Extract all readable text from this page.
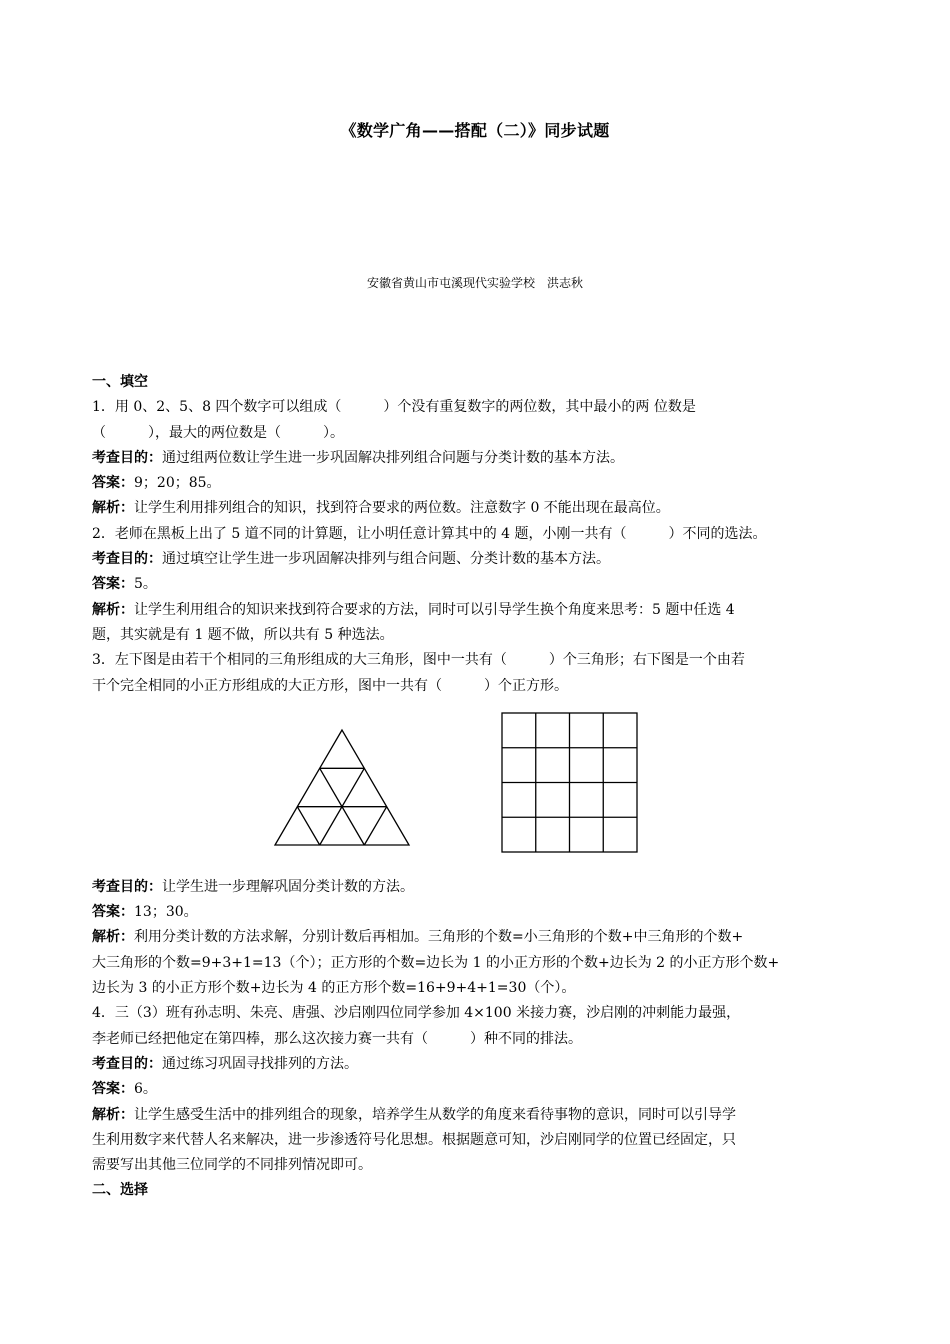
《数学广角——搭配（二）》同步试题
安徽省黄山市屯溪现代实验学校　洪志秋

一、填空

1．用 0、2、5、8 四个数字可以组成（　　　）个没有重复数字的两位数，其中最小的两 位数是

（　　　），最大的两位数是（　　　）。

考查目的：通过组两位数让学生进一步巩固解决排列组合问题与分类计数的基本方法。

答案：9；20；85。

解析：让学生利用排列组合的知识，找到符合要求的两位数。注意数字 0 不能出现在最高位。

2．老师在黑板上出了 5 道不同的计算题，让小明任意计算其中的 4 题，小刚一共有（　　　）不同的选法。

考查目的：通过填空让学生进一步巩固解决排列与组合问题、分类计数的基本方法。

答案：5。

解析：让学生利用组合的知识来找到符合要求的方法，同时可以引导学生换个角度来思考：5 题中任选 4

题，其实就是有 1 题不做，所以共有 5 种选法。

3．左下图是由若干个相同的三角形组成的大三角形，图中一共有（　　　）个三角形；右下图是一个由若

干个完全相同的小正方形组成的大正方形，图中一共有（　　　）个正方形。

考查目的：让学生进一步理解巩固分类计数的方法。

答案：13；30。

解析：利用分类计数的方法求解，分别计数后再相加。三角形的个数=小三角形的个数+中三角形的个数+

大三角形的个数=9+3+1=13（个）；正方形的个数=边长为 1 的小正方形的个数+边长为 2 的小正方形个数+

边长为 3 的小正方形个数+边长为 4 的正方形个数=16+9+4+1=30（个）。

4．三（3）班有孙志明、朱亮、唐强、沙启刚四位同学参加 4×100 米接力赛，沙启刚的冲刺能力最强，

李老师已经把他定在第四棒，那么这次接力赛一共有（　　　）种不同的排法。

考查目的：通过练习巩固寻找排列的方法。

答案：6。

解析：让学生感受生活中的排列组合的现象，培养学生从数学的角度来看待事物的意识，同时可以引导学

生利用数字来代替人名来解决，进一步渗透符号化思想。根据题意可知，沙启刚同学的位置已经固定，只

需要写出其他三位同学的不同排列情况即可。

二、选择
